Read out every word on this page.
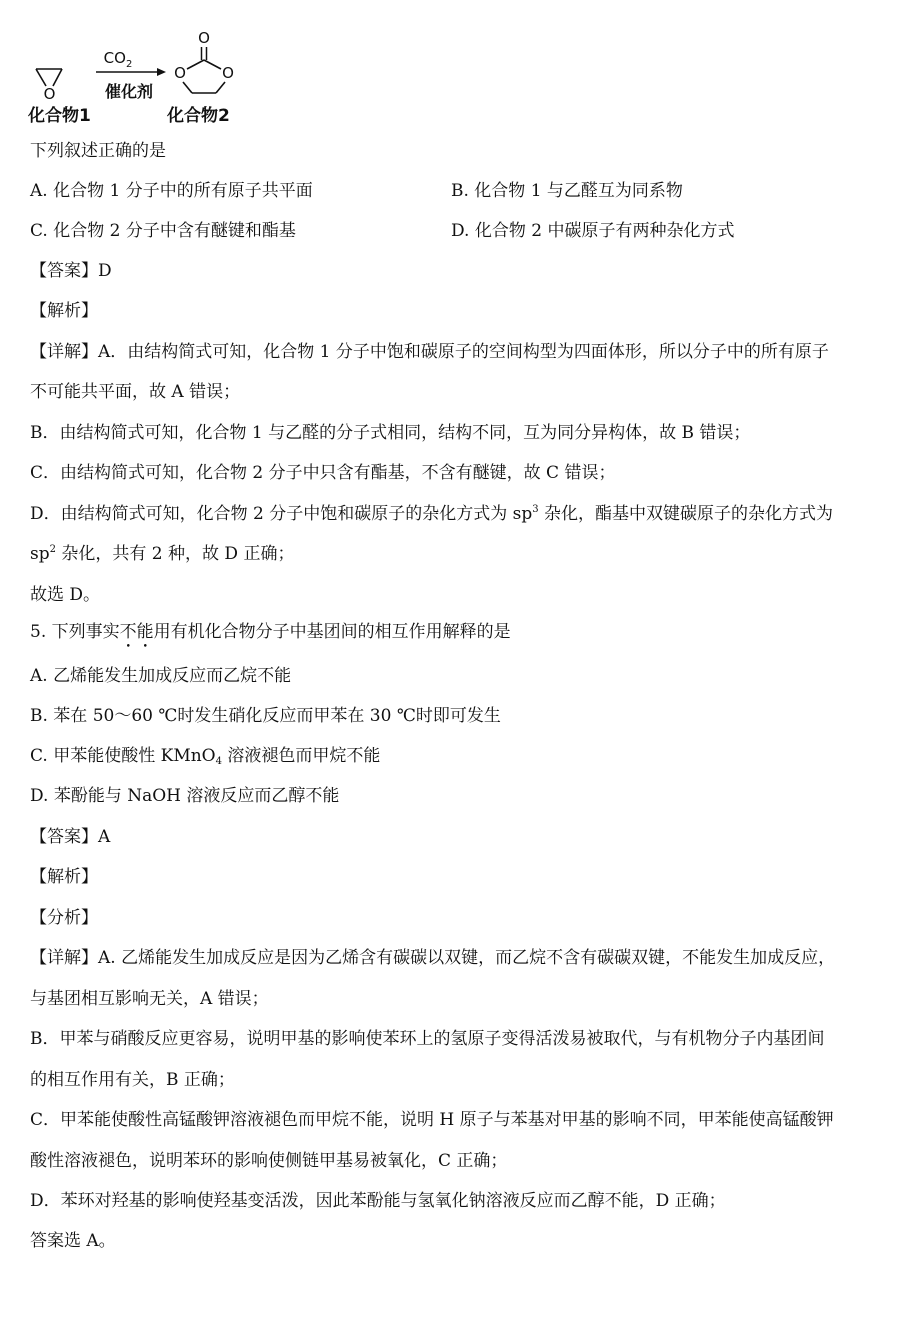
O
$CO_2$
催化剂
O
O O
化合物1	化合物2
下列叙述正确的是
A. 化合物 1 分子中的所有原子共平面	B. 化合物 1 与乙醛互为同系物
C. 化合物 2 分子中含有醚键和酯基	D. 化合物 2 中碳原子有两种杂化方式
【答案】D
【解析】
【详解】A．由结构简式可知，化合物 1 分子中饱和碳原子的空间构型为四面体形，所以分子中的所有原子
不可能共平面，故 A 错误；
B．由结构简式可知，化合物 1 与乙醛的分子式相同，结构不同，互为同分异构体，故 B 错误；
C．由结构简式可知，化合物 2 分子中只含有酯基，不含有醚键，故 C 错误；
D．由结构简式可知，化合物 2 分子中饱和碳原子的杂化方式为 $sp^3$ 杂化，酯基中双键碳原子的杂化方式为
$sp^2$ 杂化，共有 2 种，故 D 正确；
故选 D。
5. 下列事实不能用有机化合物分子中基团间的相互作用解释的是
A. 乙烯能发生加成反应而乙烷不能
B. 苯在 50～60 ℃时发生硝化反应而甲苯在 30 ℃时即可发生
C. 甲苯能使酸性 KMnO$_4$ 溶液褪色而甲烷不能
D. 苯酚能与 NaOH 溶液反应而乙醇不能
【答案】A
【解析】
【分析】
【详解】A. 乙烯能发生加成反应是因为乙烯含有碳碳以双键，而乙烷不含有碳碳双键，不能发生加成反应，
与基团相互影响无关，A 错误；
B．甲苯与硝酸反应更容易，说明甲基的影响使苯环上的氢原子变得活泼易被取代，与有机物分子内基团间
的相互作用有关，B 正确；
C．甲苯能使酸性高锰酸钾溶液褪色而甲烷不能，说明 H 原子与苯基对甲基的影响不同，甲苯能使高锰酸钾
酸性溶液褪色，说明苯环的影响使侧链甲基易被氧化，C 正确；
D．苯环对羟基的影响使羟基变活泼，因此苯酚能与氢氧化钠溶液反应而乙醇不能，D 正确；
答案选 A。
